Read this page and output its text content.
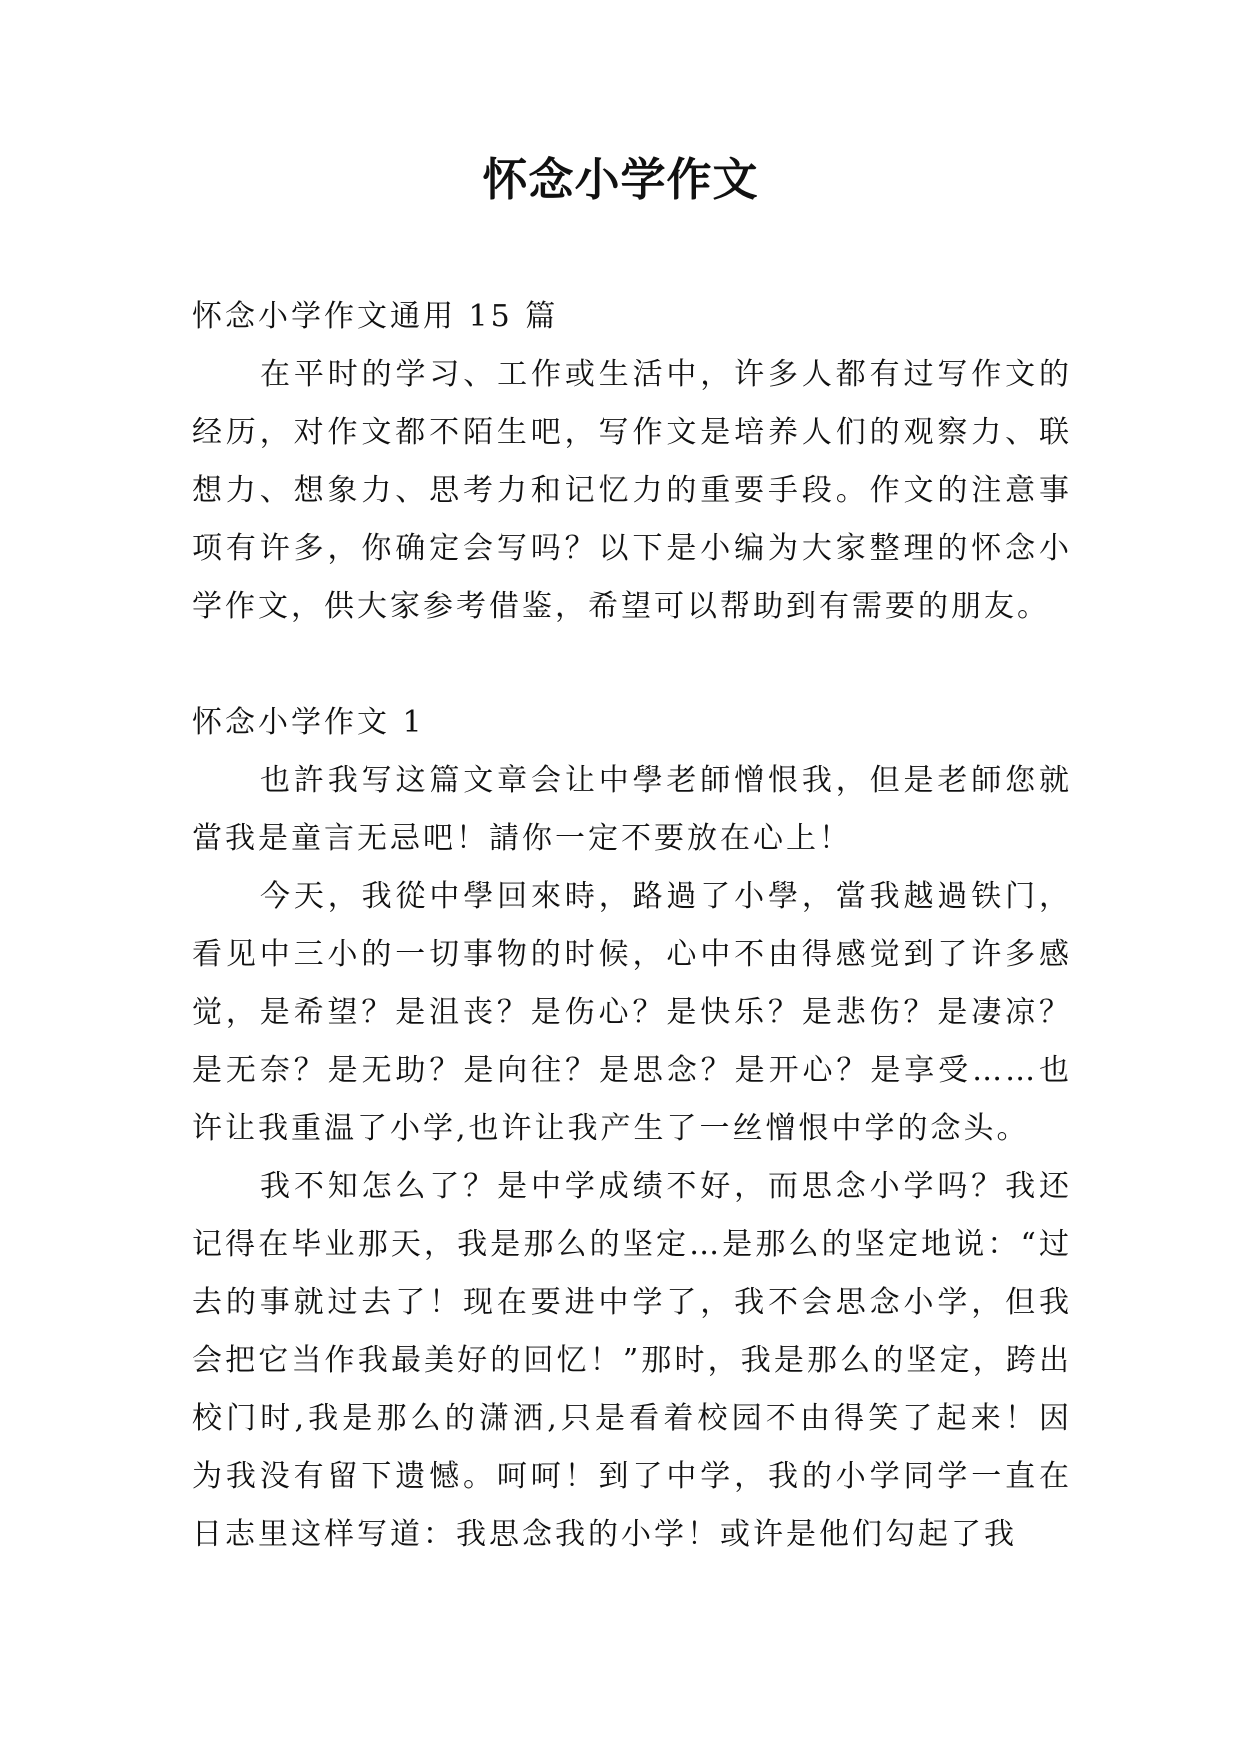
怀念小学作文

怀念小学作文通用 15 篇

在平时的学习、工作或生活中，许多人都有过写作文的经历，对作文都不陌生吧，写作文是培养人们的观察力、联想力、想象力、思考力和记忆力的重要手段。作文的注意事项有许多，你确定会写吗？以下是小编为大家整理的怀念小学作文，供大家参考借鉴，希望可以帮助到有需要的朋友。

怀念小学作文 1

也許我写这篇文章会让中學老師憎恨我，但是老師您就當我是童言无忌吧！請你一定不要放在心上！

今天，我從中學回來時，路過了小學，當我越過铁门，看见中三小的一切事物的时候，心中不由得感觉到了许多感觉，是希望？是沮丧？是伤心？是快乐？是悲伤？是凄凉？是无奈？是无助？是向往？是思念？是开心？是享受……也许让我重温了小学,也许让我产生了一丝憎恨中学的念头。

我不知怎么了？是中学成绩不好，而思念小学吗？我还记得在毕业那天，我是那么的坚定…是那么的坚定地说：“过去的事就过去了！现在要进中学了，我不会思念小学，但我会把它当作我最美好的回忆！”那时，我是那么的坚定，跨出校门时,我是那么的潇洒,只是看着校园不由得笑了起来！因为我没有留下遗憾。呵呵！到了中学，我的小学同学一直在日志里这样写道：我思念我的小学！或许是他们勾起了我
